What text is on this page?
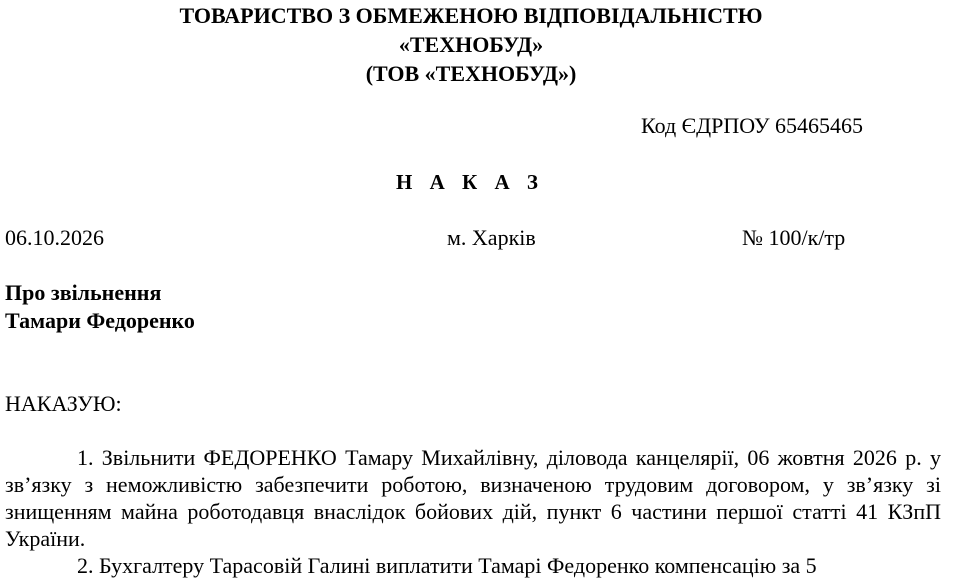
ТОВАРИСТВО З ОБМЕЖЕНОЮ ВІДПОВІДАЛЬНІСТЮ
«ТЕХНОБУД»
(ТОВ «ТЕХНОБУД»)
Код ЄДРПОУ 65465465
Н А К А З
06.10.2026	м. Харків	№ 100/к/тр
Про звільнення
Тамари Федоренко
НАКАЗУЮ:

1. Звільнити ФЕДОРЕНКО Тамару Михайлівну, діловода канцелярії, 06 жовтня 2026 р. у зв’язку з неможливістю забезпечити роботою, визначеною трудовим договором, у зв’язку зі знищенням майна роботодавця внаслідок бойових дій, пункт 6 частини першої статті 41 КЗпП України.

2. Бухгалтеру Тарасовій Галині виплатити Тамарі Федоренко компенсацію за 5
